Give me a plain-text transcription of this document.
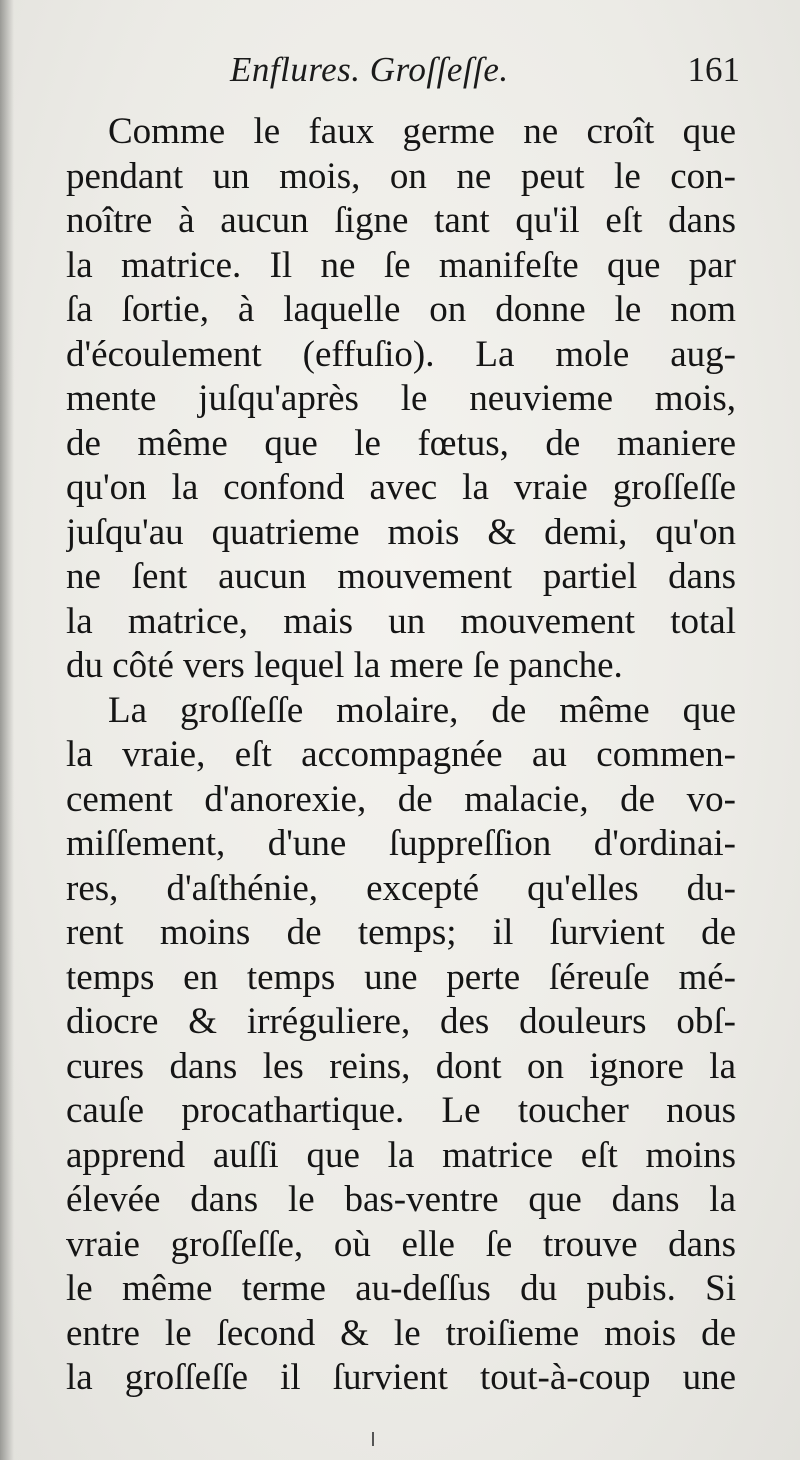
Enflures. Groſſeſſe.	161
Comme le faux germe ne croît que
pendant un mois, on ne peut le con-
noître à aucun ſigne tant qu'il eſt dans
la matrice. Il ne ſe manifeſte que par
ſa ſortie, à laquelle on donne le nom
d'écoulement (effuſio). La mole aug-
mente juſqu'après le neuvieme mois,
de même que le fœtus, de maniere
qu'on la confond avec la vraie groſſeſſe
juſqu'au quatrieme mois & demi, qu'on
ne ſent aucun mouvement partiel dans
la matrice, mais un mouvement total
du côté vers lequel la mere ſe panche.
La groſſeſſe molaire, de même que
la vraie, eſt accompagnée au commen-
cement d'anorexie, de malacie, de vo-
miſſement, d'une ſuppreſſion d'ordinai-
res, d'aſthénie, excepté qu'elles du-
rent moins de temps; il ſurvient de
temps en temps une perte ſéreuſe mé-
diocre & irréguliere, des douleurs obſ-
cures dans les reins, dont on ignore la
cauſe procathartique. Le toucher nous
apprend auſſi que la matrice eſt moins
élevée dans le bas-ventre que dans la
vraie groſſeſſe, où elle ſe trouve dans
le même terme au-deſſus du pubis. Si
entre le ſecond & le troiſieme mois de
la groſſeſſe il ſurvient tout-à-coup une
